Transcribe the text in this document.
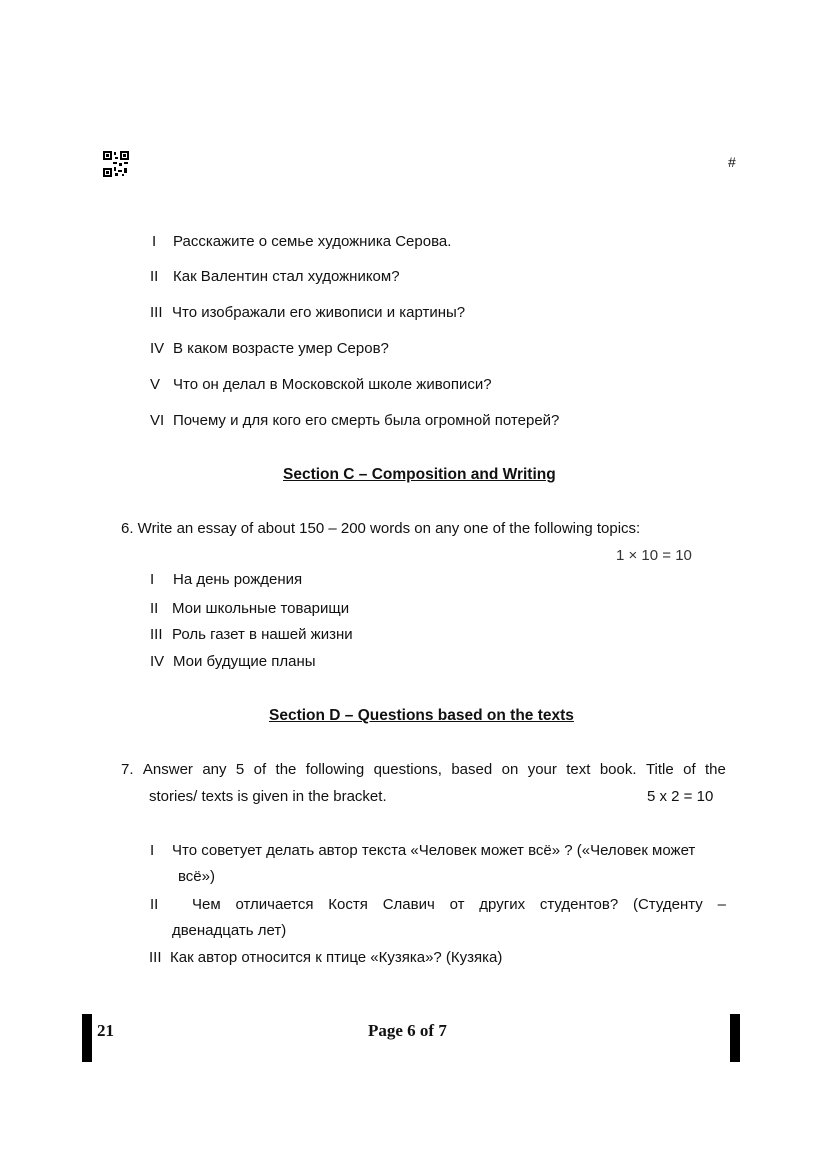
#
I Расскажите о семье художника Серова.
II Как Валентин стал художником?
III Что изображали его живописи и картины?
IV В каком возрасте умер Серов?
V Что он делал в Московской школе живописи?
VI Почему и для кого его смерть была огромной потерей?
Section C – Composition and Writing
6. Write an essay of about 150 – 200 words on any one of the following topics:
1 × 10 = 10
I На день рождения
II Мои школьные товарищи
III Роль газет в нашей жизни
IV Мои будущие планы
Section D – Questions based on the texts
7. Answer any 5 of the following questions, based on your text book. Title of the
stories/ texts is given in the bracket.	5 x 2 = 10
I Что советует делать автор текста «Человек может всё» ? («Человек может
всё»)
II Чем отличается Костя Славич от других студентов? (Студенту –
двенадцать лет)
III Как автор относится к птице «Кузяка»? (Кузяка)
21	Page 6 of 7
